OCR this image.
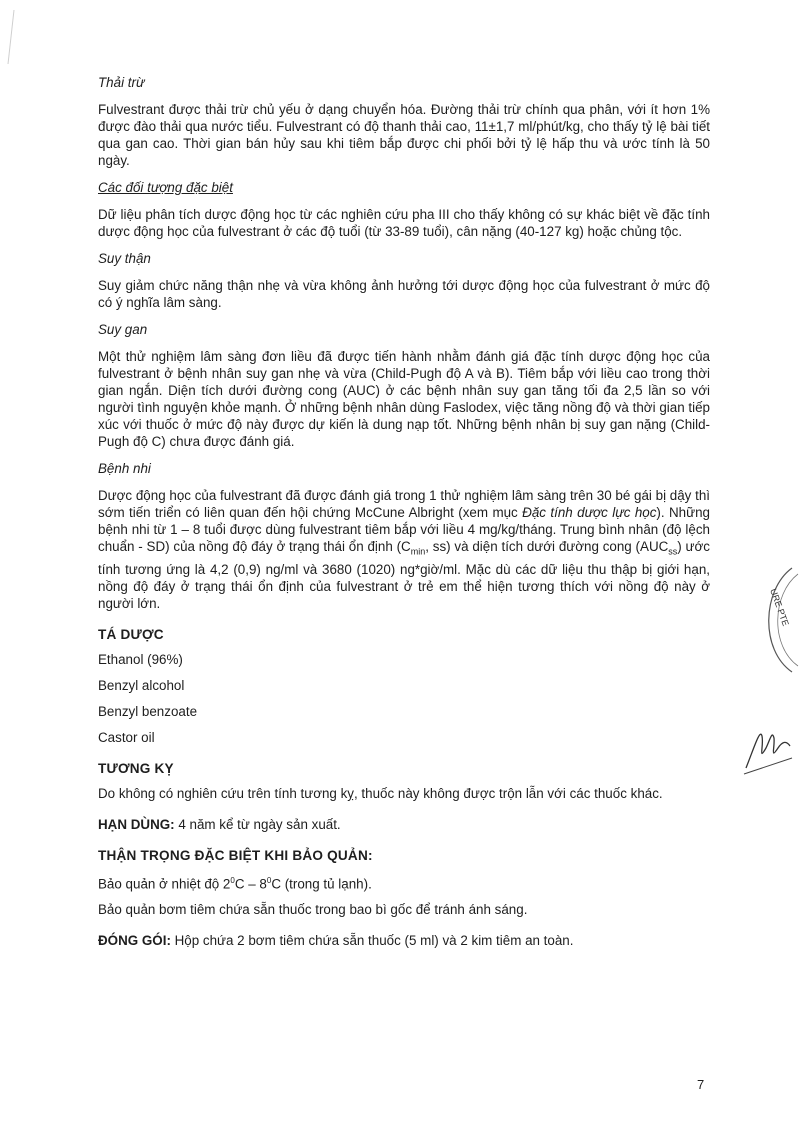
Thải trừ

Fulvestrant được thải trừ chủ yếu ở dạng chuyển hóa. Đường thải trừ chính qua phân, với ít hơn 1% được đào thải qua nước tiểu. Fulvestrant có độ thanh thải cao, 11±1,7 ml/phút/kg, cho thấy tỷ lệ bài tiết qua gan cao. Thời gian bán hủy sau khi tiêm bắp được chi phối bởi tỷ lệ hấp thu và ước tính là 50 ngày.

Các đối tượng đặc biệt

Dữ liệu phân tích dược động học từ các nghiên cứu pha III cho thấy không có sự khác biệt về đặc tính dược động học của fulvestrant ở các độ tuổi (từ 33-89 tuổi), cân nặng (40-127 kg) hoặc chủng tộc.

Suy thận

Suy giảm chức năng thận nhẹ và vừa không ảnh hưởng tới dược động học của fulvestrant ở mức độ có ý nghĩa lâm sàng.

Suy gan

Một thử nghiệm lâm sàng đơn liều đã được tiến hành nhằm đánh giá đặc tính dược động học của fulvestrant ở bệnh nhân suy gan nhẹ và vừa (Child-Pugh độ A và B). Tiêm bắp với liều cao trong thời gian ngắn. Diện tích dưới đường cong (AUC) ở các bệnh nhân suy gan tăng tối đa 2,5 lần so với người tình nguyện khỏe mạnh. Ở những bệnh nhân dùng Faslodex, việc tăng nồng độ và thời gian tiếp xúc với thuốc ở mức độ này được dự kiến là dung nạp tốt. Những bệnh nhân bị suy gan nặng (Child-Pugh độ C) chưa được đánh giá.

Bệnh nhi

Dược động học của fulvestrant đã được đánh giá trong 1 thử nghiệm lâm sàng trên 30 bé gái bị dậy thì sớm tiến triển có liên quan đến hội chứng McCune Albright (xem mục Đặc tính dược lực học). Những bệnh nhi từ 1 – 8 tuổi được dùng fulvestrant tiêm bắp với liều 4 mg/kg/tháng. Trung bình nhân (độ lệch chuẩn - SD) của nồng độ đáy ở trạng thái ổn định ($C_{min}$, ss) và diện tích dưới đường cong $(AUC_{ss})$ ước tính tương ứng là 4,2 (0,9) ng/ml và 3680 (1020) ng*giờ/ml. Mặc dù các dữ liệu thu thập bị giới hạn, nồng độ đáy ở trạng thái ổn định của fulvestrant ở trẻ em thể hiện tương thích với nồng độ này ở người lớn.

TÁ DƯỢC
Ethanol (96%)
Benzyl alcohol
Benzyl benzoate
Castor oil
TƯƠNG KỴ

Do không có nghiên cứu trên tính tương kỵ, thuốc này không được trộn lẫn với các thuốc khác.

HẠN DÙNG: 4 năm kể từ ngày sản xuất.

THẬN TRỌNG ĐẶC BIỆT KHI BẢO QUẢN:
Bảo quản ở nhiệt độ $2^0C - 8^0C$ (trong tủ lạnh).
Bảo quản bơm tiêm chứa sẵn thuốc trong bao bì gốc để tránh ánh sáng.

ĐÓNG GÓI: Hộp chứa 2 bơm tiêm chứa sẵn thuốc (5 ml) và 2 kim tiêm an toàn.

URE PTE
7
